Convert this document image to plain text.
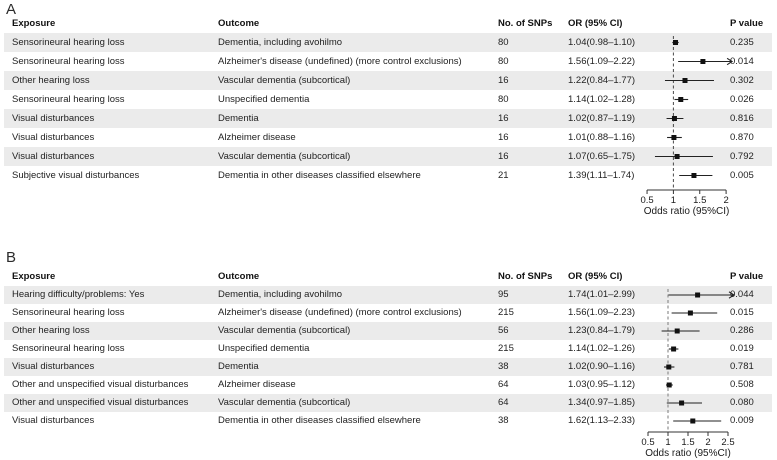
A
Exposure	Outcome	No. of SNPs OR (95% CI)	P value
Sensorineural hearing loss	Dementia, including avohilmo	80	1.04(0.98–1.10)	0.235
Sensorineural hearing loss	Alzheimer's disease (undefined) (more control exclusions)	80	1.56(1.09–2.22)	0.014
Other hearing loss	Vascular dementia (subcortical)	16	1.22(0.84–1.77)	0.302
Sensorineural hearing loss	Unspecified dementia	80	1.14(1.02–1.28)	0.026
Visual disturbances	Dementia	16	1.02(0.87–1.19)	0.816
Visual disturbances	Alzheimer disease	16	1.01(0.88–1.16)	0.870
Visual disturbances	Vascular dementia (subcortical)	16	1.07(0.65–1.75)	0.792
Subjective visual disturbances	Dementia in other diseases classified elsewhere	21	1.39(1.11–1.74)	0.005
B
Exposure	Outcome	No. of SNPs OR (95% CI)	P value
Hearing difficulty/problems: Yes	Dementia, including avohilmo	95	1.74(1.01–2.99)	0.044
Sensorineural hearing loss	Alzheimer's disease (undefined) (more control exclusions)	215	1.56(1.09–2.23)	0.015
Other hearing loss	Vascular dementia (subcortical)	56	1.23(0.84–1.79)	0.286
Sensorineural hearing loss	Unspecified dementia	215	1.14(1.02–1.26)	0.019
Visual disturbances	Dementia	38	1.02(0.90–1.16)	0.781
Other and unspecified visual disturbances	Alzheimer disease	64	1.03(0.95–1.12)	0.508
Other and unspecified visual disturbances	Vascular dementia (subcortical)	64	1.34(0.97–1.85)	0.080
Visual disturbances	Dementia in other diseases classified elsewhere	38	1.62(1.13–2.33)	0.009
0.5 1 1.5 2
Odds ratio (95%CI)
0.5 1 1.5 2 2.5
Odds ratio (95%CI)
